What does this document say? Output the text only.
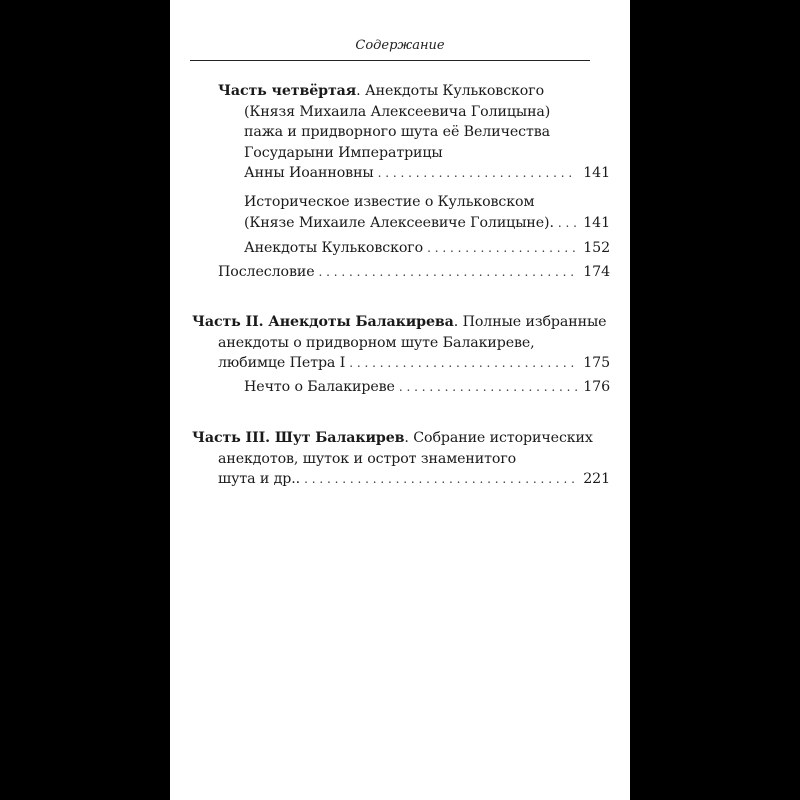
Содержание
Часть четвёртая. Анекдоты Кульковского
(Князя Михаила Алексеевича Голицына)
пажа и придворного шута её Величества
Государыни Императрицы
Анны Иоанновны . . .	141
Историческое известие о Кульковском
(Князе Михаиле Алексеевиче Голицыне). . . . 141
Анекдоты Кульковского . . .	152
Послесловие . . .	174
Часть II. Анекдоты Балакирева. Полные избранные
анекдоты о придворном шуте Балакиреве,
любимце Петра I . . .	175
Нечто о Балакиреве . . .	176
Часть III. Шут Балакирев. Собрание исторических
анекдотов, шуток и острот знаменитого
шута и др.. . . .	221
